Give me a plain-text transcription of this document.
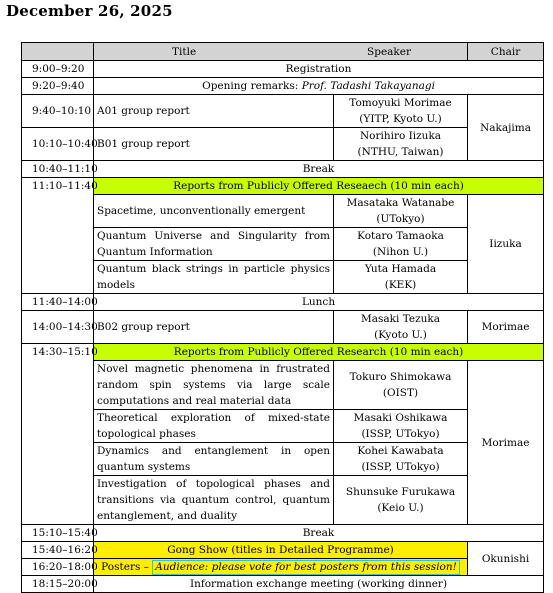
December 26, 2025
	Title Speaker		Chair
9:00–9:20	Registration		
9:20–9:40	Opening remarks: Prof. Tadashi Takayanagi		
9:40–10:10	A01 group report	Tomoyuki Morimae
(YITP, Kyoto U.)	Nakajima
10:10–10:40	B01 group report	Norihiro Iizuka
(NTHU, Taiwan)	

10:40–11:10	Break		
11:10–11:40	Reports from Publicly Offered Reseaech (10 min each)		
	Spacetime, unconventionally emergent	Masataka Watanabe
(UTokyo)	Iizuka
	Quantum Universe and Singularity from Quantum Information	Kotaro Tamaoka
(Nihon U.)	

	Quantum black strings in particle physics models	Yuta Hamada
(KEK)	

11:40–14:00	Lunch		
14:00–14:30	B02 group report	Masaki Tezuka
(Kyoto U.)	Morimae
14:30–15:10	Reports from Publicly Offered Research (10 min each)		
	Novel magnetic phenomena in frustrated random spin systems via large scale computations and real material data	Tokuro Shimokawa
(OIST)	Morimae
	Theoretical exploration of mixed-state topological phases	Masaki Oshikawa
(ISSP, UTokyo)	

	Dynamics and entanglement in open quantum systems	Kohei Kawabata
(ISSP, UTokyo)	

	Investigation of topological phases and transitions via quantum control, quantum entanglement, and duality	Shunsuke Furukawa
(Keio U.)	

15:10–15:40	Break		
15:40–16:20	Gong Show (titles in Detailed Programme)		Okunishi
16:20–18:00	Posters – Audience: please vote for best posters from this session!		
18:15–20:00	Information exchange meeting (working dinner)		
